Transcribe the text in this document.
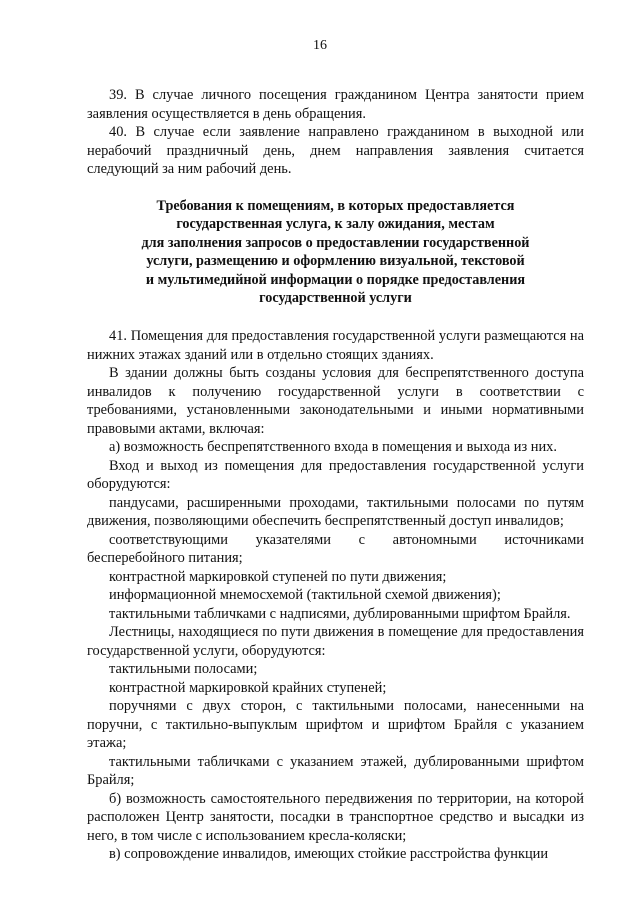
16

39. В случае личного посещения гражданином Центра занятости прием заявления осуществляется в день обращения.

40. В случае если заявление направлено гражданином в выходной или нерабочий праздничный день, днем направления заявления считается следующий за ним рабочий день.

Требования к помещениям, в которых предоставляется
государственная услуга, к залу ожидания, местам
для заполнения запросов о предоставлении государственной
услуги, размещению и оформлению визуальной, текстовой
и мультимедийной информации о порядке предоставления
государственной услуги

41. Помещения для предоставления государственной услуги размещаются на нижних этажах зданий или в отдельно стоящих зданиях.

В здании должны быть созданы условия для беспрепятственного доступа инвалидов к получению государственной услуги в соответствии с требованиями, установленными законодательными и иными нормативными правовыми актами, включая:

а) возможность беспрепятственного входа в помещения и выхода из них.

Вход и выход из помещения для предоставления государственной услуги оборудуются:

пандусами, расширенными проходами, тактильными полосами по путям движения, позволяющими обеспечить беспрепятственный доступ инвалидов;

соответствующими указателями с автономными источниками бесперебойного питания;

контрастной маркировкой ступеней по пути движения;

информационной мнемосхемой (тактильной схемой движения);

тактильными табличками с надписями, дублированными шрифтом Брайля.

Лестницы, находящиеся по пути движения в помещение для предоставления государственной услуги, оборудуются:

тактильными полосами;

контрастной маркировкой крайних ступеней;

поручнями с двух сторон, с тактильными полосами, нанесенными на поручни, с тактильно-выпуклым шрифтом и шрифтом Брайля с указанием этажа;

тактильными табличками с указанием этажей, дублированными шрифтом Брайля;

б) возможность самостоятельного передвижения по территории, на которой расположен Центр занятости, посадки в транспортное средство и высадки из него, в том числе с использованием кресла-коляски;

в) сопровождение инвалидов, имеющих стойкие расстройства функции
